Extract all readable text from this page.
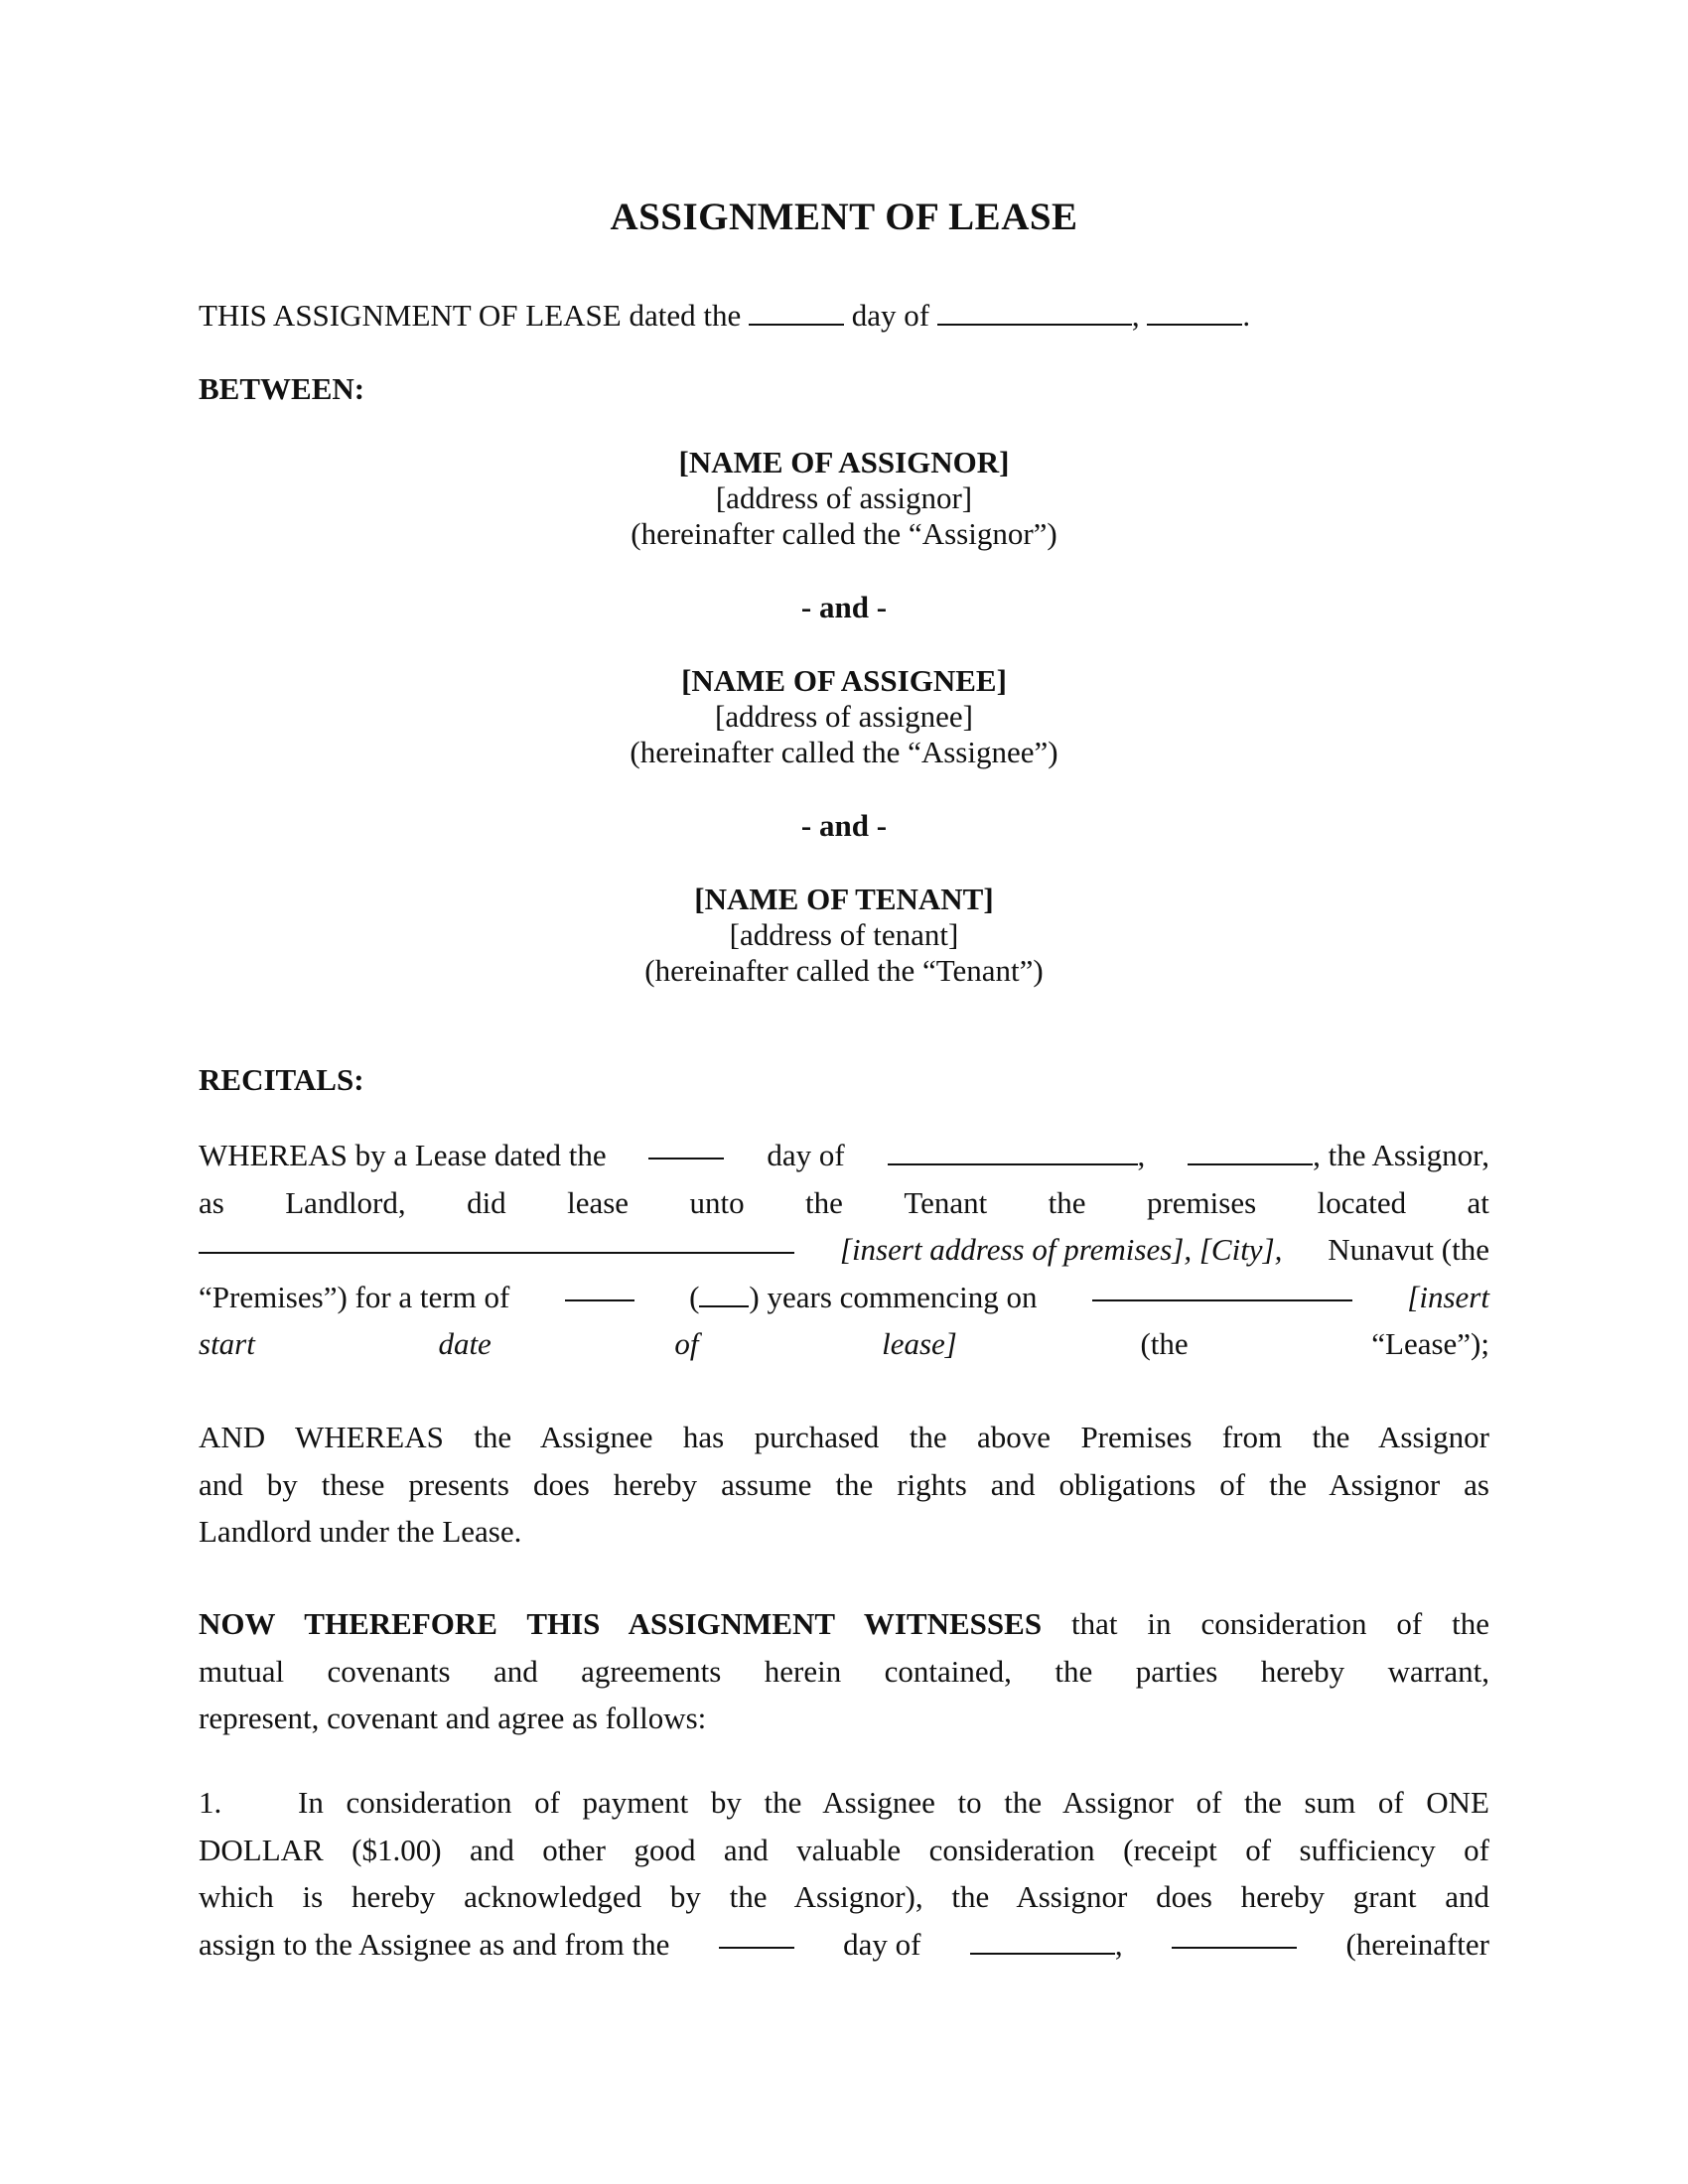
ASSIGNMENT OF LEASE
THIS ASSIGNMENT OF LEASE dated the	day of	,	.
BETWEEN:
[NAME OF ASSIGNOR]
[address of assignor]
(hereinafter called the “Assignor”)
- and -
[NAME OF ASSIGNEE]
[address of assignee]
(hereinafter called the “Assignee”)
- and -
[NAME OF TENANT]
[address of tenant]
(hereinafter called the “Tenant”)
RECITALS:
WHEREAS by a Lease dated the	day of	,	, the Assignor,
as Landlord, did lease unto the Tenant the premises located at
[insert address of premises], [City], Nunavut (the
“Premises”) for a term of	( ) years commencing on	[insert
start date of lease]	(the “Lease”);
AND WHEREAS the Assignee has purchased the above Premises from the Assignor
and by these presents does hereby assume the rights and obligations of the Assignor as
Landlord under the Lease.
NOW THEREFORE THIS ASSIGNMENT WITNESSES that in consideration of the
mutual covenants and agreements herein contained, the parties hereby warrant,
represent, covenant and agree as follows:
1.	In consideration of payment by the Assignee to the Assignor of the sum of ONE
DOLLAR ($1.00) and other good and valuable consideration (receipt of sufficiency of
which is hereby acknowledged by the Assignor), the Assignor does hereby grant and
assign to the Assignee as and from the	day of	,	(hereinafter
